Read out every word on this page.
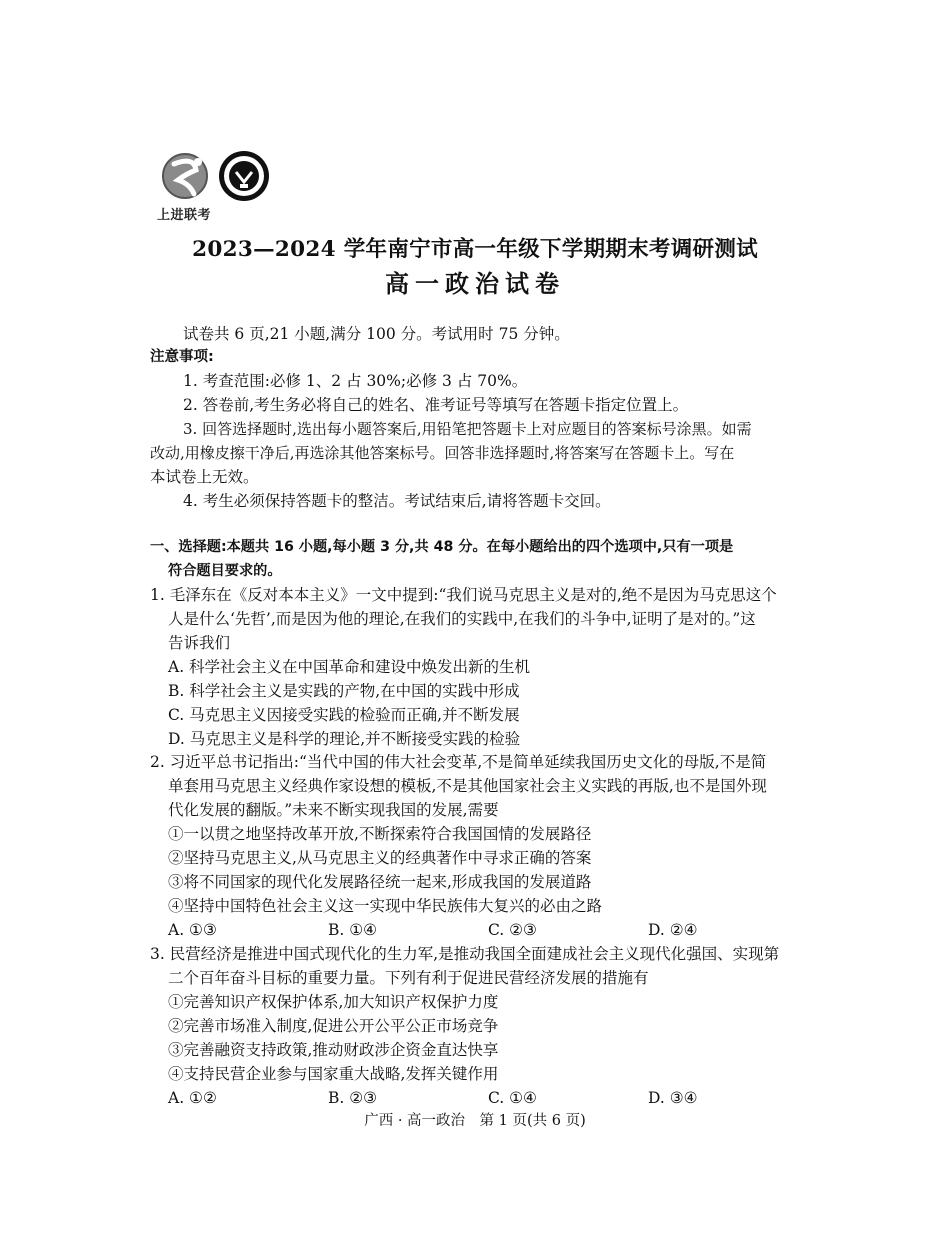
上进联考
2023—2024 学年南宁市高一年级下学期期末考调研测试
高一政治试卷
试卷共 6 页,21 小题,满分 100 分。考试用时 75 分钟。
注意事项:
1. 考查范围:必修 1、2 占 30%;必修 3 占 70%。
2. 答卷前,考生务必将自己的姓名、准考证号等填写在答题卡指定位置上。
3. 回答选择题时,选出每小题答案后,用铅笔把答题卡上对应题目的答案标号涂黑。如需
改动,用橡皮擦干净后,再选涂其他答案标号。回答非选择题时,将答案写在答题卡上。写在
本试卷上无效。
4. 考生必须保持答题卡的整洁。考试结束后,请将答题卡交回。
一、选择题:本题共 16 小题,每小题 3 分,共 48 分。在每小题给出的四个选项中,只有一项是
符合题目要求的。
1. 毛泽东在《反对本本主义》一文中提到:“我们说马克思主义是对的,绝不是因为马克思这个
人是什么‘先哲’,而是因为他的理论,在我们的实践中,在我们的斗争中,证明了是对的。”这
告诉我们
A. 科学社会主义在中国革命和建设中焕发出新的生机
B. 科学社会主义是实践的产物,在中国的实践中形成
C. 马克思主义因接受实践的检验而正确,并不断发展
D. 马克思主义是科学的理论,并不断接受实践的检验
2. 习近平总书记指出:“当代中国的伟大社会变革,不是简单延续我国历史文化的母版,不是简
单套用马克思主义经典作家设想的模板,不是其他国家社会主义实践的再版,也不是国外现
代化发展的翻版。”未来不断实现我国的发展,需要
①一以贯之地坚持改革开放,不断探索符合我国国情的发展路径
②坚持马克思主义,从马克思主义的经典著作中寻求正确的答案
③将不同国家的现代化发展路径统一起来,形成我国的发展道路
④坚持中国特色社会主义这一实现中华民族伟大复兴的必由之路
A. ①③	B. ①④	C. ②③	D. ②④
3. 民营经济是推进中国式现代化的生力军,是推动我国全面建成社会主义现代化强国、实现第
二个百年奋斗目标的重要力量。下列有利于促进民营经济发展的措施有
①完善知识产权保护体系,加大知识产权保护力度
②完善市场准入制度,促进公开公平公正市场竞争
③完善融资支持政策,推动财政涉企资金直达快享
④支持民营企业参与国家重大战略,发挥关键作用
A. ①②	B. ②③	C. ①④	D. ③④
广西 · 高一政治　第 1 页(共 6 页)
